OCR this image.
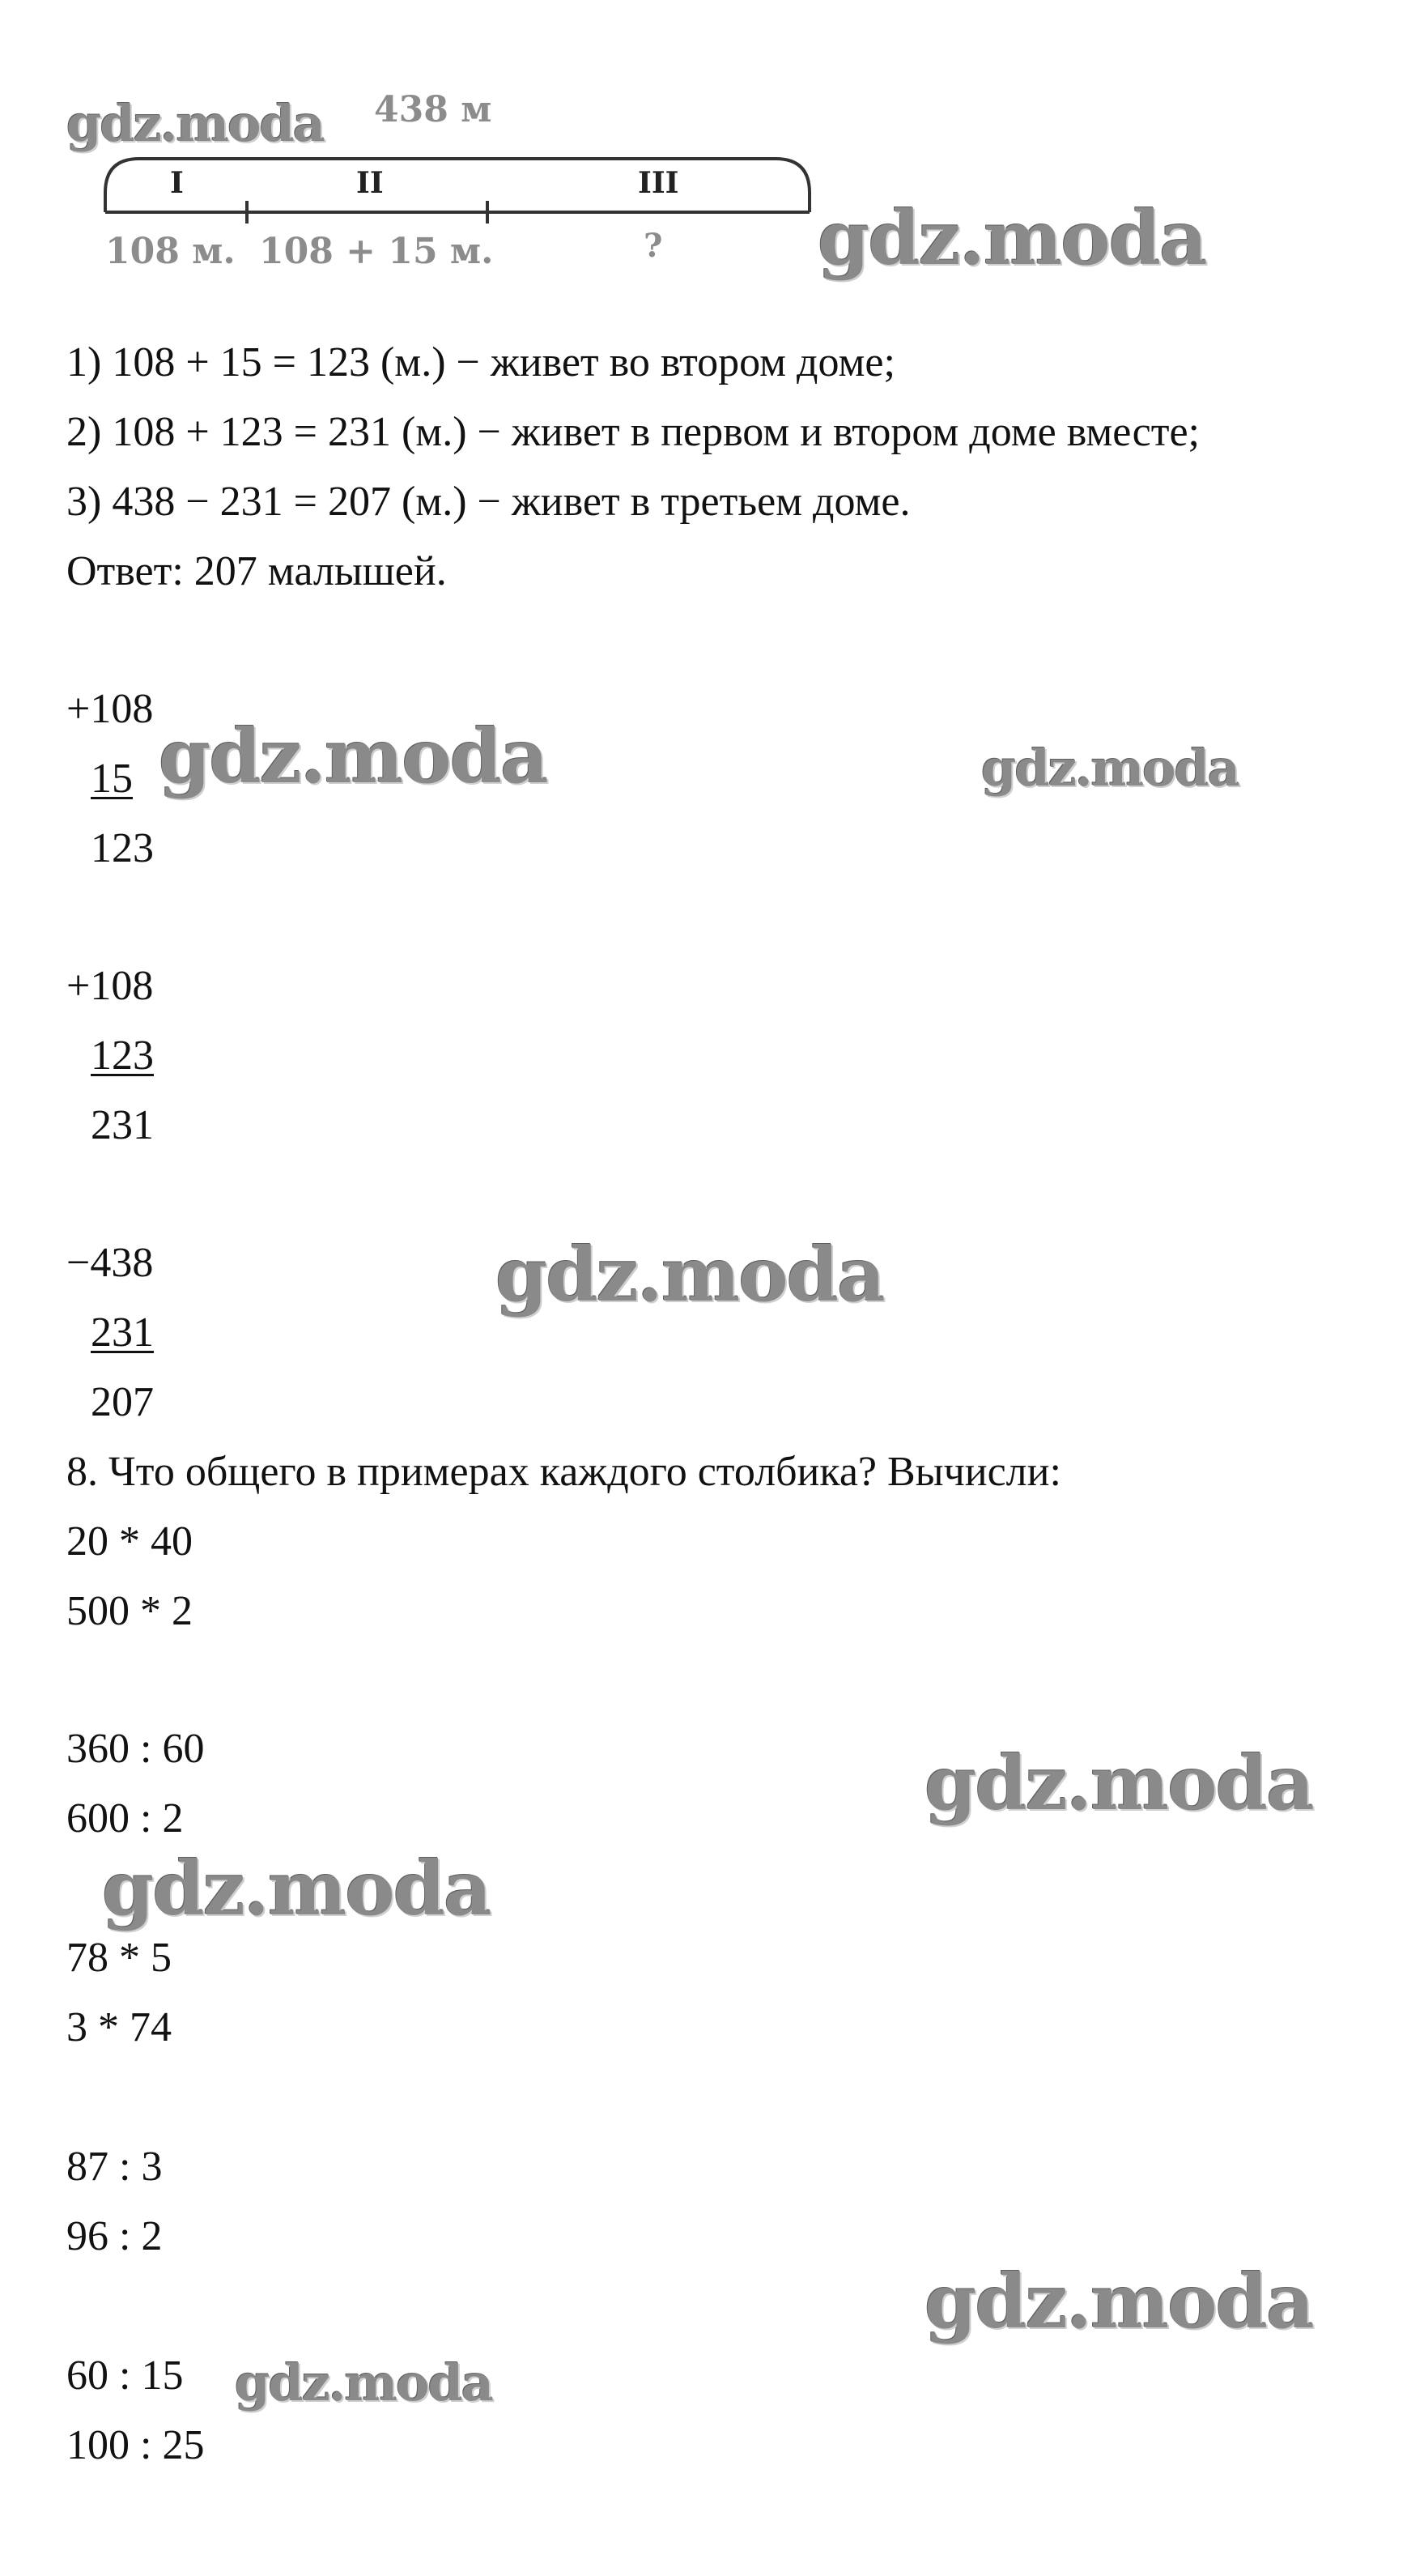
438 м
I	II	III
108 м. 108 + 15 м.	?
1) 108 + 15 = 123 (м.) − живет во втором доме;
2) 108 + 123 = 231 (м.) − живет в первом и втором доме вместе;
3) 438 − 231 = 207 (м.) − живет в третьем доме.
Ответ: 207 малышей.
+108
15
123
+108
123
231
−438
231
207
8. Что общего в примерах каждого столбика? Вычисли:
20 * 40
500 * 2
360 : 60
600 : 2
78 * 5
3 * 74
87 : 3
96 : 2
60 : 15
100 : 25
gdz.moda
gdz.moda
gdz.moda	gdz.moda
gdz.moda
gdz.moda
gdz.moda
gdz.moda
gdz.moda
